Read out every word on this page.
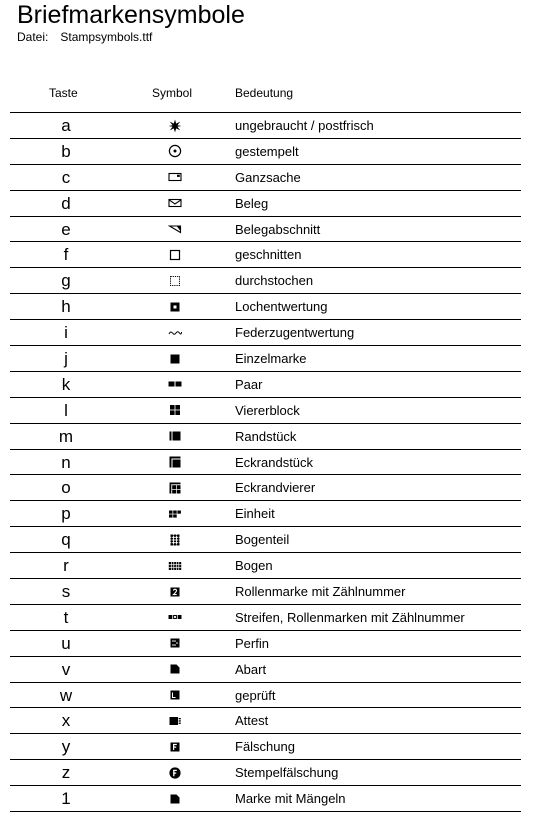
Briefmarkensymbole
Datei: Stampsymbols.ttf
Taste	Symbol	Bedeutung
a	ungebraucht / postfrisch
b	gestempelt
c	Ganzsache
d	Beleg
e	Belegabschnitt
f	geschnitten
g	durchstochen
h	Lochentwertung
i	Federzugentwertung
j	Einzelmarke
k	Paar
l	Viererblock
m	Randstück
n	Eckrandstück
o	Eckrandvierer
p	Einheit
q	Bogenteil
r	Bogen
s	Rollenmarke mit Zählnummer
t	Streifen, Rollenmarken mit Zählnummer
u	Perfin
v	Abart
w	geprüft
x	Attest
y	Fälschung
z	Stempelfälschung
1	Marke mit Mängeln
